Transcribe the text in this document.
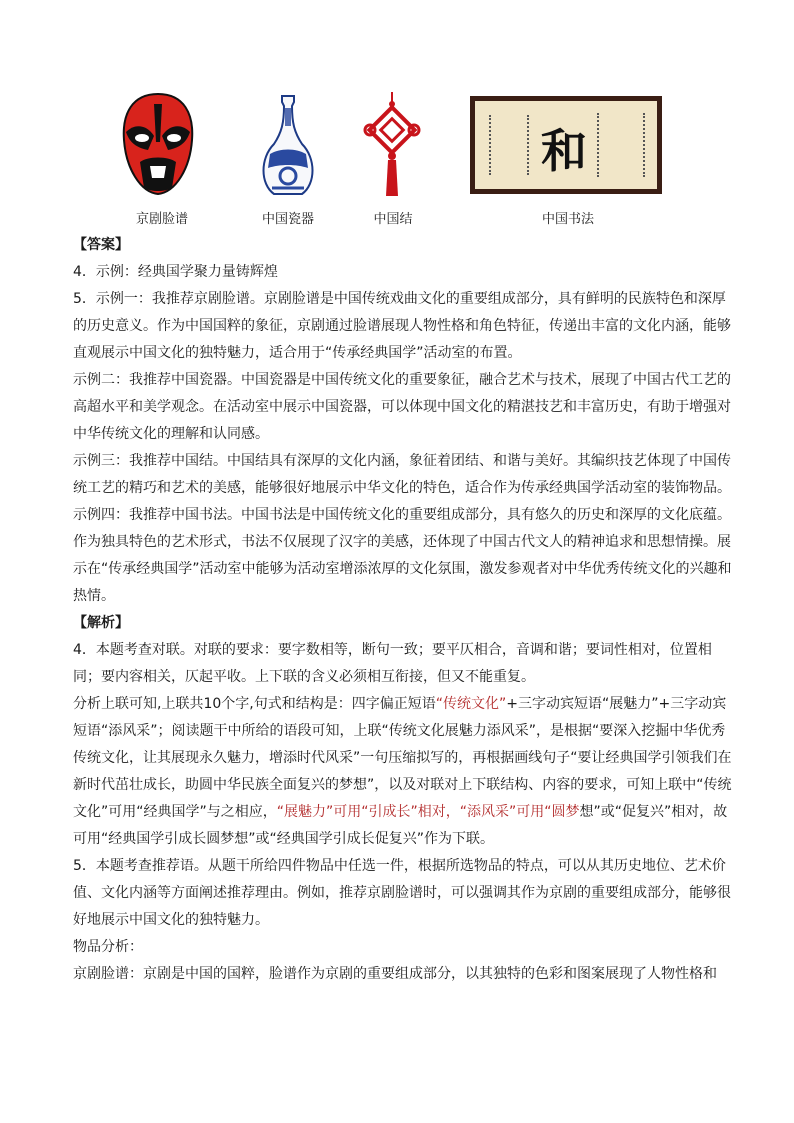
京剧脸谱	中国瓷器	中国结
和
中国书法

【答案】

4．示例：经典国学聚力量铸辉煌

5．示例一：我推荐京剧脸谱。京剧脸谱是中国传统戏曲文化的重要组成部分，具有鲜明的民族特色和深厚的历史意义。作为中国国粹的象征，京剧通过脸谱展现人物性格和角色特征，传递出丰富的文化内涵，能够直观展示中国文化的独特魅力，适合用于“传承经典国学”活动室的布置。

示例二：我推荐中国瓷器。中国瓷器是中国传统文化的重要象征，融合艺术与技术，展现了中国古代工艺的高超水平和美学观念。在活动室中展示中国瓷器，可以体现中国文化的精湛技艺和丰富历史，有助于增强对中华传统文化的理解和认同感。

示例三：我推荐中国结。中国结具有深厚的文化内涵，象征着团结、和谐与美好。其编织技艺体现了中国传统工艺的精巧和艺术的美感，能够很好地展示中华文化的特色，适合作为传承经典国学活动室的装饰物品。

示例四：我推荐中国书法。中国书法是中国传统文化的重要组成部分，具有悠久的历史和深厚的文化底蕴。作为独具特色的艺术形式，书法不仅展现了汉字的美感，还体现了中国古代文人的精神追求和思想情操。展示在“传承经典国学”活动室中能够为活动室增添浓厚的文化氛围，激发参观者对中华优秀传统文化的兴趣和热情。

【解析】

4．本题考查对联。对联的要求：要字数相等，断句一致；要平仄相合，音调和谐；要词性相对，位置相同；要内容相关，仄起平收。上下联的含义必须相互衔接，但又不能重复。

分析上联可知,上联共10个字,句式和结构是：四字偏正短语“传统文化”+三字动宾短语“展魅力”+三字动宾短语“添风采”；阅读题干中所给的语段可知，上联“传统文化展魅力添风采”，是根据“要深入挖掘中华优秀传统文化，让其展现永久魅力，增添时代风采”一句压缩拟写的，再根据画线句子“要让经典国学引领我们在新时代茁壮成长，助圆中华民族全面复兴的梦想”，以及对联对上下联结构、内容的要求，可知上联中“传统文化”可用“经典国学”与之相应，“展魅力”可用“引成长”相对，“添风采”可用“圆梦想”或“促复兴”相对，故可用“经典国学引成长圆梦想”或“经典国学引成长促复兴”作为下联。

5．本题考查推荐语。从题干所给四件物品中任选一件，根据所选物品的特点，可以从其历史地位、艺术价值、文化内涵等方面阐述推荐理由。例如，推荐京剧脸谱时，可以强调其作为京剧的重要组成部分，能够很好地展示中国文化的独特魅力。

物品分析：

京剧脸谱：京剧是中国的国粹，脸谱作为京剧的重要组成部分，以其独特的色彩和图案展现了人物性格和
